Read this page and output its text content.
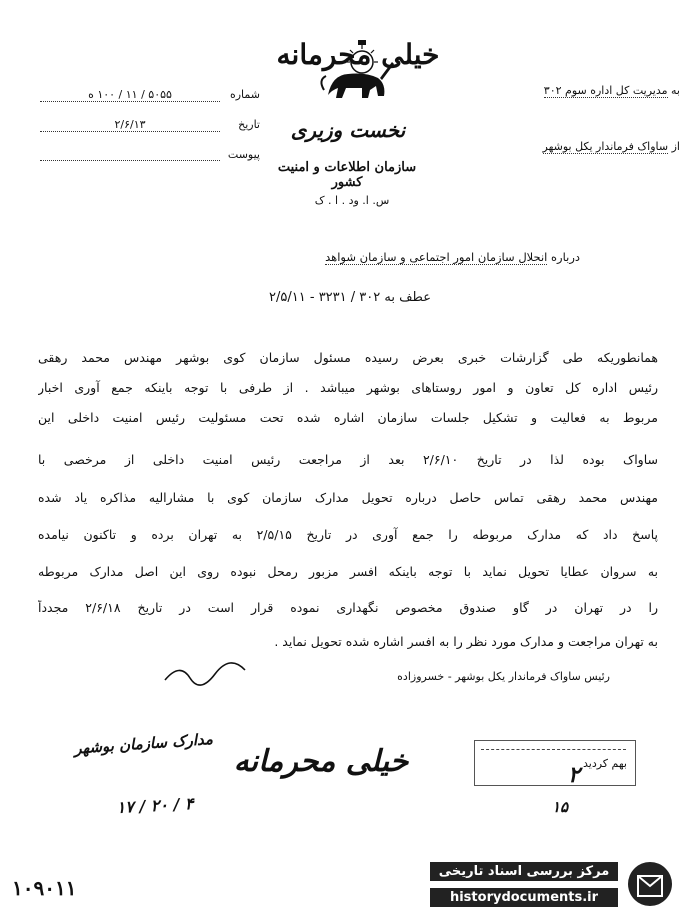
خیلی محرمانه
نخست وزیری
سازمان اطلاعات و امنیت کشور
س. ا. ود . ا . ک
به مدیریت کل اداره سوم ۳۰۲
از ساواک فرماندار یکل بوشهر
شماره
۵۰۵۵ / ۱۱ / ۱۰۰ ه
تاریخ
۲/۶/۱۳
پیوست
درباره انحلال سازمان امور اجتماعی و سازمان شواهد
عطف به ۳۰۲ / ۳۲۳۱ - ۲/۵/۱۱
همانطوریکه طی گزارشات خبری بعرض رسیده مسئول سازمان کوی بوشهر مهندس محمد رهقی
رئیس اداره کل تعاون و امور روستاهای بوشهر میباشد . از طرفی با توجه باینکه جمع آوری اخبار
مربوط به فعالیت و تشکیل جلسات سازمان اشاره شده تحت مسئولیت رئیس امنیت داخلی این
ساواک بوده لذا در تاریخ ۲/۶/۱۰ بعد از مراجعت رئیس امنیت داخلی از مرخصی با
مهندس محمد رهقی تماس حاصل درباره تحویل مدارک سازمان کوی با مشارالیه مذاکره یاد شده
پاسخ داد که مدارک مربوطه را جمع آوری در تاریخ ۲/۵/۱۵ به تهران برده و تاکنون نیامده
به سروان عطایا تحویل نماید با توجه باینکه افسر مزبور رمحل نبوده روی این اصل مدارک مربوطه
را در تهران در گاو صندوق مخصوص نگهداری نموده قرار است در تاریخ ۲/۶/۱۸ مجدداً
به تهران مراجعت و مدارک مورد نظر را به افسر اشاره شده تحویل نماید .
رئیس ساواک فرماندار یکل بوشهر - خسروزاده
خیلی محرمانه
مدارک سازمان بوشهر
۱۷ / ۲۰ / ۴
بهم کردید
۲
۱۵
۱۰۹۰۱۱
مرکز بررسی اسناد تاریخی
historydocuments.ir
